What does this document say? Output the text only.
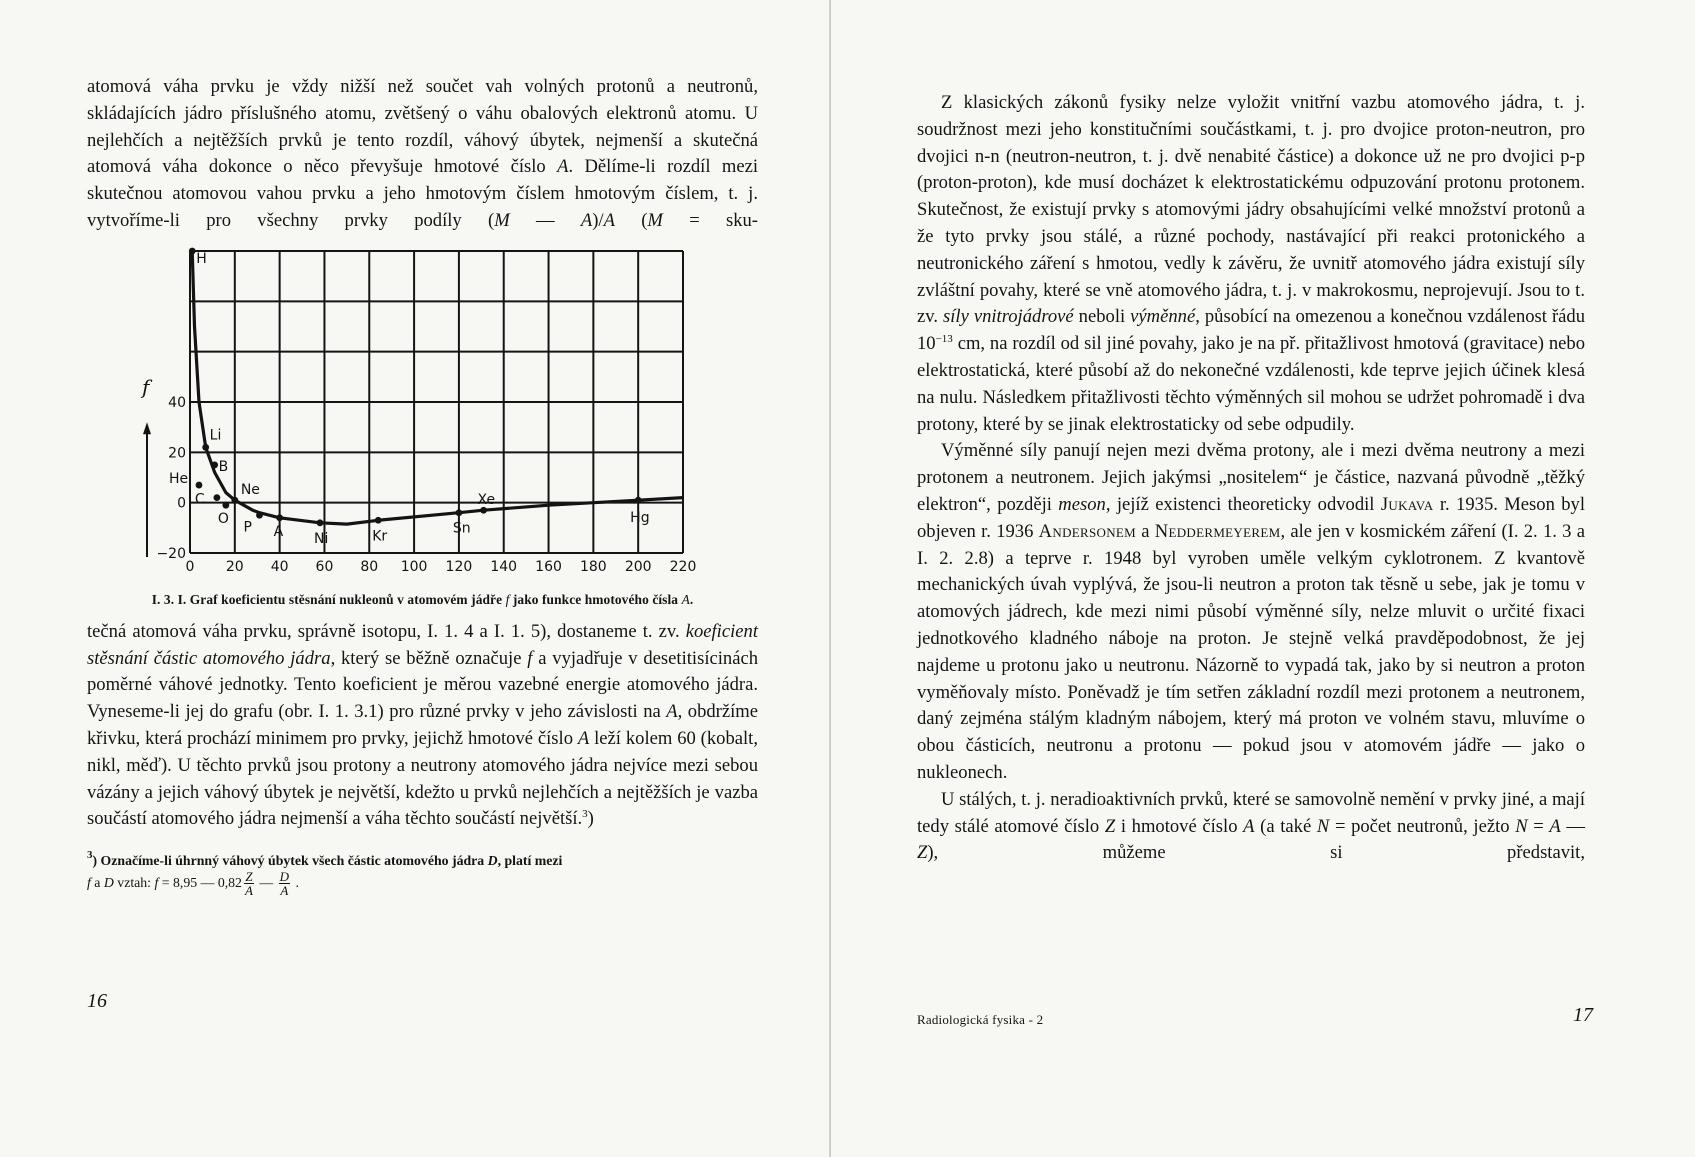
atomová váha prvku je vždy nižší než součet vah volných protonů a neutronů, skládajících jádro příslušného atomu, zvětšený o váhu obalových elektronů atomu. U nejlehčích a nejtěžších prvků je tento rozdíl, váhový úbytek, nejmenší a skutečná atomová váha dokonce o něco převyšuje hmotové číslo A. Dělíme-li rozdíl mezi skutečnou atomovou vahou prvku a jeho hmotovým číslem hmotovým číslem, t. j. vytvoříme-li pro všechny prvky podíly (M — A)/A (M = sku-

0 20 40 60 80 100 120 140 160 180 200 220
−20
0
20
40
f
H
Li
B
He
C
Ne
O
P A Ni	Kr	Sn
Xe
Hg

I. 3. I. Graf koeficientu stěsnání nukleonů v atomovém jádře f jako funkce hmotového čísla A.

tečná atomová váha prvku, správně isotopu, I. 1. 4 a I. 1. 5), dostaneme t. zv. koeficient stěsnání částic atomového jádra, který se běžně označuje f a vyjadřuje v desetitisícinách poměrné váhové jednotky. Tento koeficient je měrou vazebné energie atomového jádra. Vyneseme-li jej do grafu (obr. I. 1. 3.1) pro různé prvky v jeho závislosti na A, obdržíme křivku, která prochází minimem pro prvky, jejichž hmotové číslo A leží kolem 60 (kobalt, nikl, měď). U těchto prvků jsou protony a neutrony atomového jádra nejvíce mezi sebou vázány a jejich váhový úbytek je největší, kdežto u prvků nejlehčích a nejtěžších je vazba součástí atomového jádra nejmenší a váha těchto součástí největší.$^3$)

$^3$) Označíme-li úhrnný váhový úbytek všech částic atomového jádra D, platí mezi
f a D vztah: f = 8,95 — $0,82 \frac{Z}{A}$ — $\frac{D}{A}$ .
16

Z klasických zákonů fysiky nelze vyložit vnitřní vazbu atomového jádra, t. j. soudržnost mezi jeho konstitučními součástkami, t. j. pro dvojice proton-neutron, pro dvojici n-n (neutron-neutron, t. j. dvě nenabité částice) a dokonce už ne pro dvojici p-p (proton-proton), kde musí docházet k elektrostatickému odpuzování protonu protonem. Skutečnost, že existují prvky s atomovými jádry obsahujícími velké množství protonů a že tyto prvky jsou stálé, a různé pochody, nastávající při reakci protonického a neutronického záření s hmotou, vedly k závěru, že uvnitř atomového jádra existují síly zvláštní povahy, které se vně atomového jádra, t. j. v makrokosmu, neprojevují. Jsou to t. zv. síly vnitrojádrové neboli výměnné, působící na omezenou a konečnou vzdálenost řádu $10^{-13}$ cm, na rozdíl od sil jiné povahy, jako je na př. přitažlivost hmotová (gravitace) nebo elektrostatická, které působí až do nekonečné vzdálenosti, kde teprve jejich účinek klesá na nulu. Následkem přitažlivosti těchto výměnných sil mohou se udržet pohromadě i dva protony, které by se jinak elektrostaticky od sebe odpudily.

Výměnné síly panují nejen mezi dvěma protony, ale i mezi dvěma neutrony a mezi protonem a neutronem. Jejich jakýmsi „nositelem“ je částice, nazvaná původně „těžký elektron“, později meson, jejíž existenci theoreticky odvodil Jukava r. 1935. Meson byl objeven r. 1936 Andersonem a Neddermeyerem, ale jen v kosmickém záření (I. 2. 1. 3 a I. 2. 2.8) a teprve r. 1948 byl vyroben uměle velkým cyklotronem. Z kvantově mechanických úvah vyplývá, že jsou-li neutron a proton tak těsně u sebe, jak je tomu v atomových jádrech, kde mezi nimi působí výměnné síly, nelze mluvit o určité fixaci jednotkového kladného náboje na proton. Je stejně velká pravděpodobnost, že jej najdeme u protonu jako u neutronu. Názorně to vypadá tak, jako by si neutron a proton vyměňovaly místo. Poněvadž je tím setřen základní rozdíl mezi protonem a neutronem, daný zejména stálým kladným nábojem, který má proton ve volném stavu, mluvíme o obou částicích, neutronu a protonu — pokud jsou v atomovém jádře — jako o nukleonech.

U stálých, t. j. neradioaktivních prvků, které se samovolně nemění v prvky jiné, a mají tedy stálé atomové číslo Z i hmotové číslo A (a také N = počet neutronů, ježto N = A — Z), můžeme si představit,

Radiologická fysika - 2	17
